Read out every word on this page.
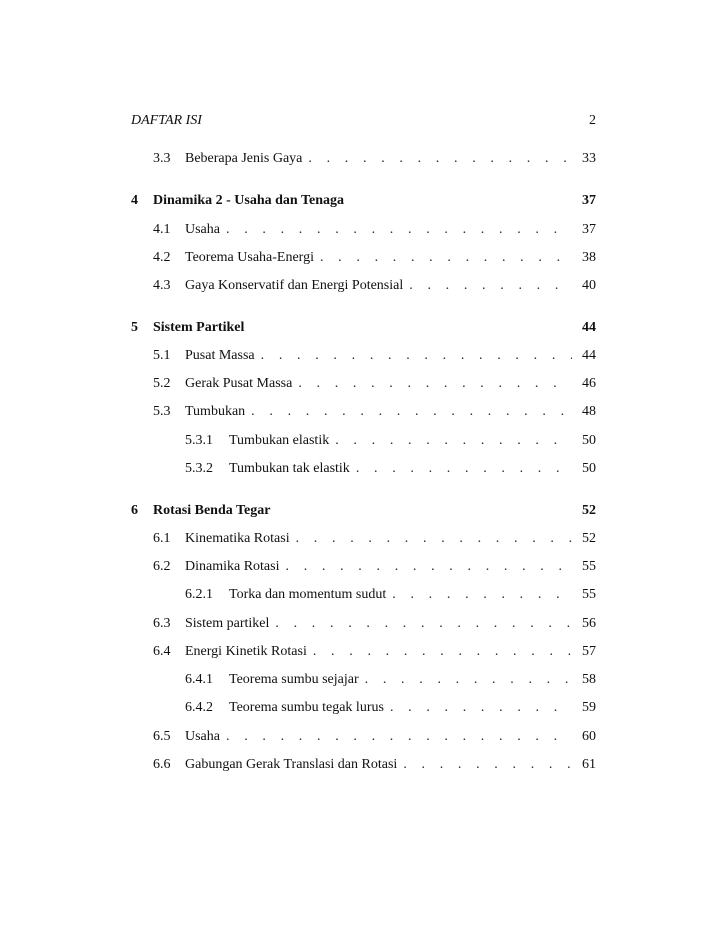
DAFTAR ISI	2
3.3	Beberapa Jenis Gaya . . .	33
4	Dinamika 2 - Usaha dan Tenaga	37
4.1	Usaha . . .	37
4.2	Teorema Usaha-Energi . . .	38
4.3	Gaya Konservatif dan Energi Potensial . . .	40
5	Sistem Partikel	44
5.1	Pusat Massa . . .	44
5.2	Gerak Pusat Massa . . .	46
5.3	Tumbukan . . .	48
5.3.1	Tumbukan elastik . . .	50
5.3.2	Tumbukan tak elastik . . .	50
6	Rotasi Benda Tegar	52
6.1	Kinematika Rotasi . . .	52
6.2	Dinamika Rotasi . . .	55
6.2.1	Torka dan momentum sudut . . .	55
6.3	Sistem partikel . . .	56
6.4	Energi Kinetik Rotasi . . .	57
6.4.1	Teorema sumbu sejajar . . .	58
6.4.2	Teorema sumbu tegak lurus . . .	59
6.5	Usaha . . .	60
6.6	Gabungan Gerak Translasi dan Rotasi . . .	61
